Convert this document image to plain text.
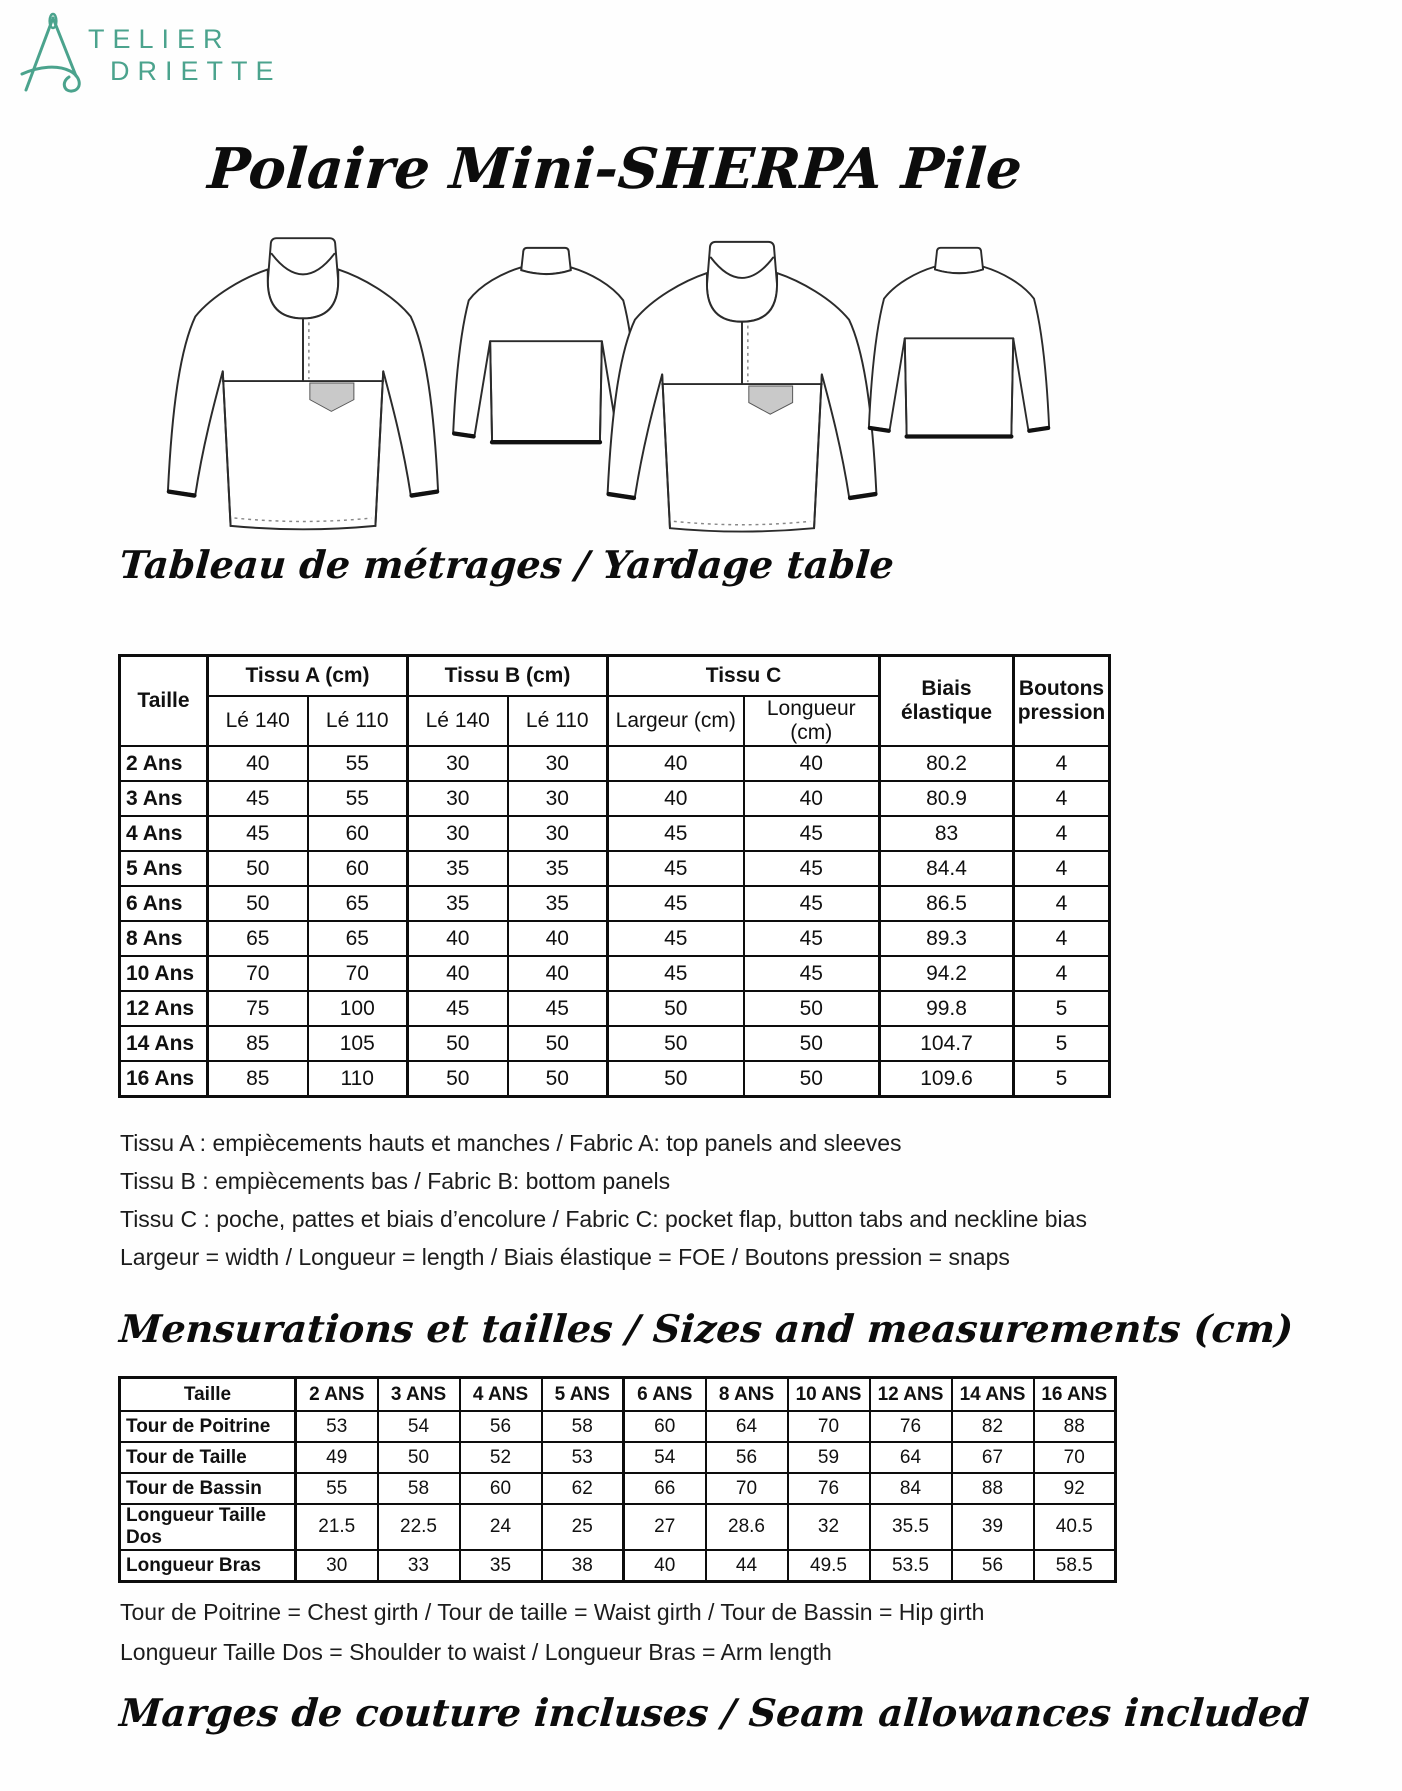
TELIER
DRIETTE
Polaire Mini-SHERPA Pile
Tableau de métrages / Yardage table
Taille	Tissu A (cm)		Tissu B (cm)		Tissu C		Biais élastique	Boutons pression
	Lé 140	Lé 110	Lé 140	Lé 110	Largeur (cm)	Longueur (cm)		
2 Ans	40	55	30	30	40	40	80.2	4
3 Ans	45	55	30	30	40	40	80.9	4
4 Ans	45	60	30	30	45	45	83	4
5 Ans	50	60	35	35	45	45	84.4	4
6 Ans	50	65	35	35	45	45	86.5	4
8 Ans	65	65	40	40	45	45	89.3	4
10 Ans	70	70	40	40	45	45	94.2	4
12 Ans	75	100	45	45	50	50	99.8	5
14 Ans	85	105	50	50	50	50	104.7	5
16 Ans	85	110	50	50	50	50	109.6	5

Tissu A : empiècements hauts et manches / Fabric A: top panels and sleeves

Tissu B : empiècements bas / Fabric B: bottom panels

Tissu C : poche, pattes et biais d’encolure / Fabric C: pocket flap, button tabs and neckline bias

Largeur = width / Longueur = length / Biais élastique = FOE / Boutons pression = snaps

Mensurations et tailles / Sizes and measurements (cm)
Taille	2 ANS	3 ANS	4 ANS	5 ANS	6 ANS	8 ANS	10 ANS	12 ANS	14 ANS	16 ANS
Tour de Poitrine	53	54	56	58	60	64	70	76	82	88
Tour de Taille	49	50	52	53	54	56	59	64	67	70
Tour de Bassin	55	58	60	62	66	70	76	84	88	92
Longueur Taille Dos	21.5	22.5	24	25	27	28.6	32	35.5	39	40.5
Longueur Bras	30	33	35	38	40	44	49.5	53.5	56	58.5

Tour de Poitrine = Chest girth / Tour de taille = Waist girth / Tour de Bassin = Hip girth

Longueur Taille Dos = Shoulder to waist / Longueur Bras = Arm length

Marges de couture incluses / Seam allowances included
